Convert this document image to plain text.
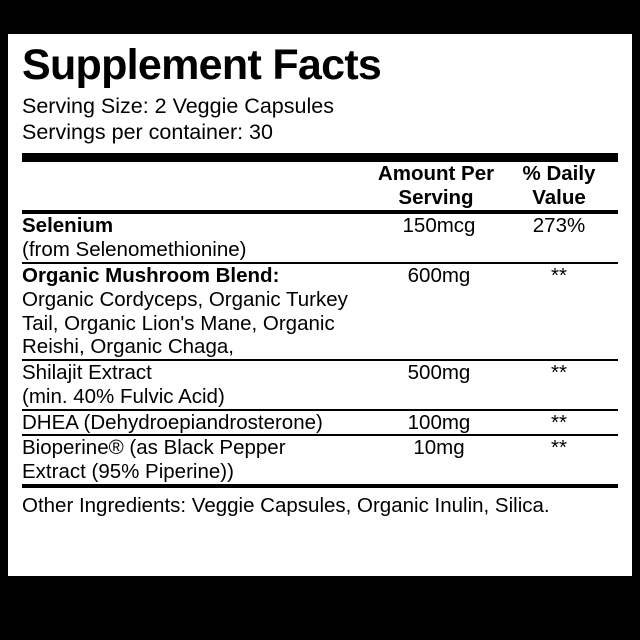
Supplement Facts
Serving Size: 2 Veggie Capsules
Servings per container: 30
	Amount Per Serving	% Daily Value

Selenium
(from Selenomethionine)	150mcg	273%

Organic Mushroom Blend:
Organic Cordyceps, Organic Turkey Tail, Organic Lion's Mane, Organic Reishi, Organic Chaga,	600mg	**

Shilajit Extract
(min. 40% Fulvic Acid)	500mg	**

DHEA (Dehydroepiandrosterone)	100mg	**

Bioperine® (as Black Pepper
Extract (95% Piperine))	10mg	**
Other Ingredients: Veggie Capsules, Organic Inulin, Silica.
